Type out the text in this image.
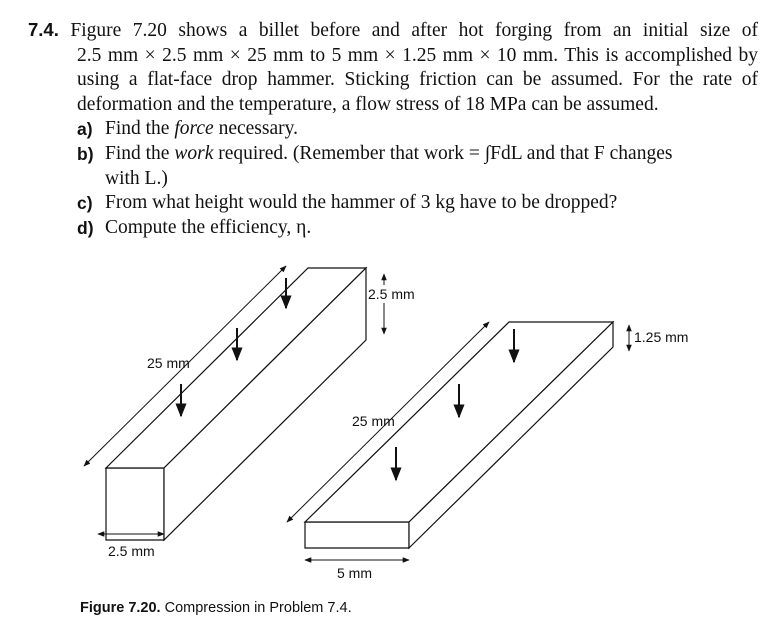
7.4. Figure 7.20 shows a billet before and after hot forging from an initial size of
2.5 mm × 2.5 mm × 25 mm to 5 mm × 1.25 mm × 10 mm. This is accomplished by using a flat-face drop hammer. Sticking friction can be assumed. For the rate of deformation and the temperature, a flow stress of 18 MPa can be assumed.
a) Find the force necessary.
b) Find the work required. (Remember that work = ∫FdL and that F changes
with L.)
c) From what height would the hammer of 3 kg have to be dropped?
d) Compute the efficiency, η.
25 mm
2.5 mm
2.5 mm
25 mm
5 mm
1.25 mm
Figure 7.20. Compression in Problem 7.4.
